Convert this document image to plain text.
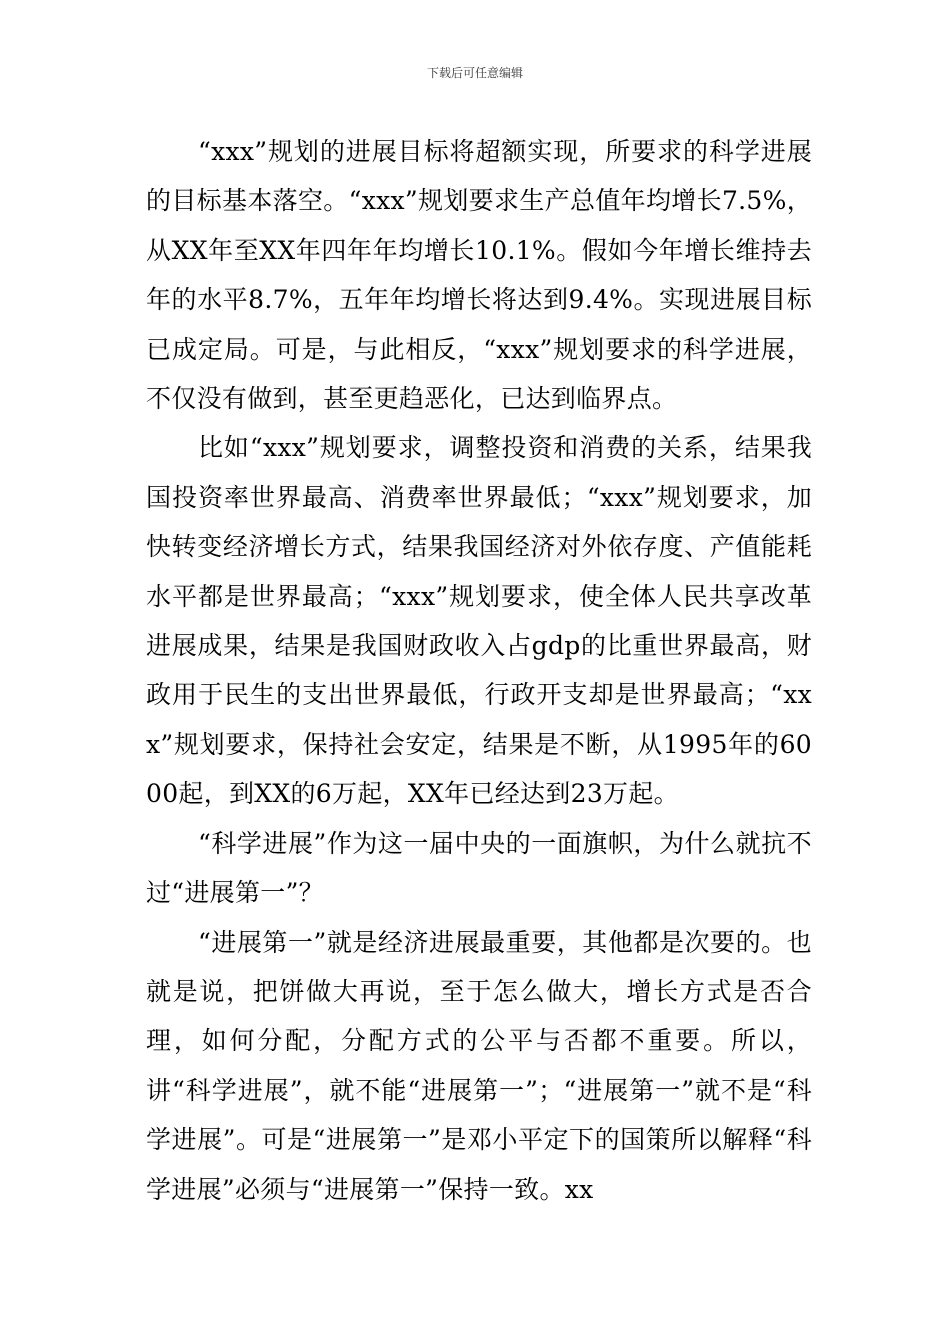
下载后可任意编辑

“xxx”规划的进展目标将超额实现，所要求的科学进展的目标基本落空。“xxx”规划要求生产总值年均增长7.5%，从XX年至XX年四年年均增长10.1%。假如今年增长维持去年的水平8.7%，五年年均增长将达到9.4%。实现进展目标已成定局。可是，与此相反，“xxx”规划要求的科学进展，不仅没有做到，甚至更趋恶化，已达到临界点。

比如“xxx”规划要求，调整投资和消费的关系，结果我国投资率世界最高、消费率世界最低；“xxx”规划要求，加快转变经济增长方式，结果我国经济对外依存度、产值能耗水平都是世界最高；“xxx”规划要求，使全体人民共享改革进展成果，结果是我国财政收入占gdp的比重世界最高，财政用于民生的支出世界最低，行政开支却是世界最高；“xxx”规划要求，保持社会安定，结果是不断，从1995年的6000起，到XX的6万起，XX年已经达到23万起。

“科学进展”作为这一届中央的一面旗帜，为什么就抗不过“进展第一”？

“进展第一”就是经济进展最重要，其他都是次要的。也就是说，把饼做大再说，至于怎么做大，增长方式是否合理，如何分配，分配方式的公平与否都不重要。所以，讲“科学进展”，就不能“进展第一”；“进展第一”就不是“科学进展”。可是“进展第一”是邓小平定下的国策所以解释“科学进展”必须与“进展第一”保持一致。xx
